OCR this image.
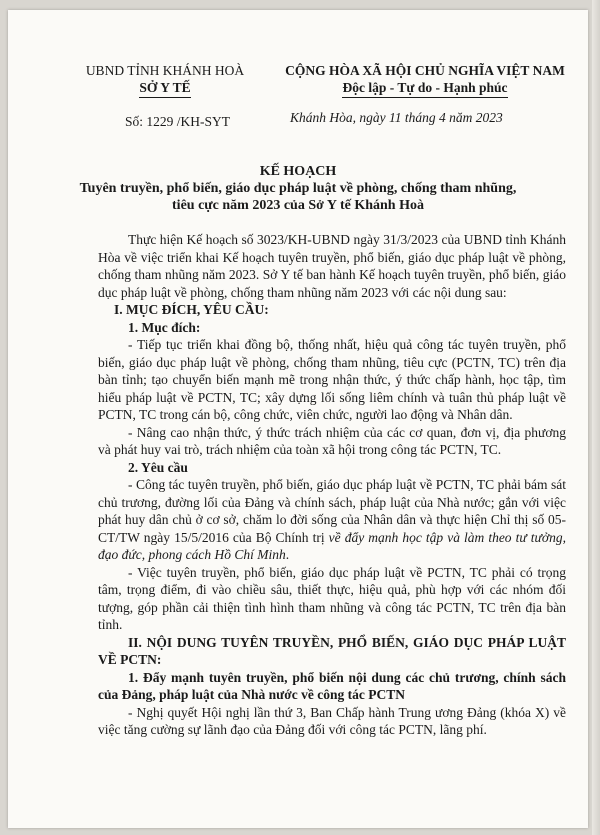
UBND TỈNH KHÁNH HOÀ
SỞ Y TẾ
CỘNG HÒA XÃ HỘI CHỦ NGHĨA VIỆT NAM
Độc lập - Tự do - Hạnh phúc
Số: 1229 /KH-SYT	Khánh Hòa, ngày 11 tháng 4 năm 2023
KẾ HOẠCH
Tuyên truyền, phổ biến, giáo dục pháp luật về phòng, chống tham nhũng,
tiêu cực năm 2023 của Sở Y tế Khánh Hoà

Thực hiện Kế hoạch số 3023/KH-UBND ngày 31/3/2023 của UBND tỉnh Khánh Hòa về việc triển khai Kế hoạch tuyên truyền, phổ biến, giáo dục pháp luật về phòng, chống tham nhũng năm 2023. Sở Y tế ban hành Kế hoạch tuyên truyền, phổ biến, giáo dục pháp luật về phòng, chống tham nhũng năm 2023 với các nội dung sau:

I. MỤC ĐÍCH, YÊU CẦU:

1. Mục đích:

- Tiếp tục triển khai đồng bộ, thống nhất, hiệu quả công tác tuyên truyền, phổ biến, giáo dục pháp luật về phòng, chống tham nhũng, tiêu cực (PCTN, TC) trên địa bàn tỉnh; tạo chuyển biến mạnh mẽ trong nhận thức, ý thức chấp hành, học tập, tìm hiểu pháp luật về PCTN, TC; xây dựng lối sống liêm chính và tuân thủ pháp luật về PCTN, TC trong cán bộ, công chức, viên chức, người lao động và Nhân dân.

- Nâng cao nhận thức, ý thức trách nhiệm của các cơ quan, đơn vị, địa phương và phát huy vai trò, trách nhiệm của toàn xã hội trong công tác PCTN, TC.

2. Yêu cầu

- Công tác tuyên truyền, phổ biến, giáo dục pháp luật về PCTN, TC phải bám sát chủ trương, đường lối của Đảng và chính sách, pháp luật của Nhà nước; gắn với việc phát huy dân chủ ở cơ sở, chăm lo đời sống của Nhân dân và thực hiện Chỉ thị số 05-CT/TW ngày 15/5/2016 của Bộ Chính trị về đẩy mạnh học tập và làm theo tư tưởng, đạo đức, phong cách Hồ Chí Minh.

- Việc tuyên truyền, phổ biến, giáo dục pháp luật về PCTN, TC phải có trọng tâm, trọng điểm, đi vào chiều sâu, thiết thực, hiệu quả, phù hợp với các nhóm đối tượng, góp phần cải thiện tình hình tham nhũng và công tác PCTN, TC trên địa bàn tỉnh.

II. NỘI DUNG TUYÊN TRUYỀN, PHỔ BIẾN, GIÁO DỤC PHÁP LUẬT VỀ PCTN:

1. Đẩy mạnh tuyên truyền, phổ biến nội dung các chủ trương, chính sách của Đảng, pháp luật của Nhà nước về công tác PCTN

- Nghị quyết Hội nghị lần thứ 3, Ban Chấp hành Trung ương Đảng (khóa X) về việc tăng cường sự lãnh đạo của Đảng đối với công tác PCTN, lãng phí.
